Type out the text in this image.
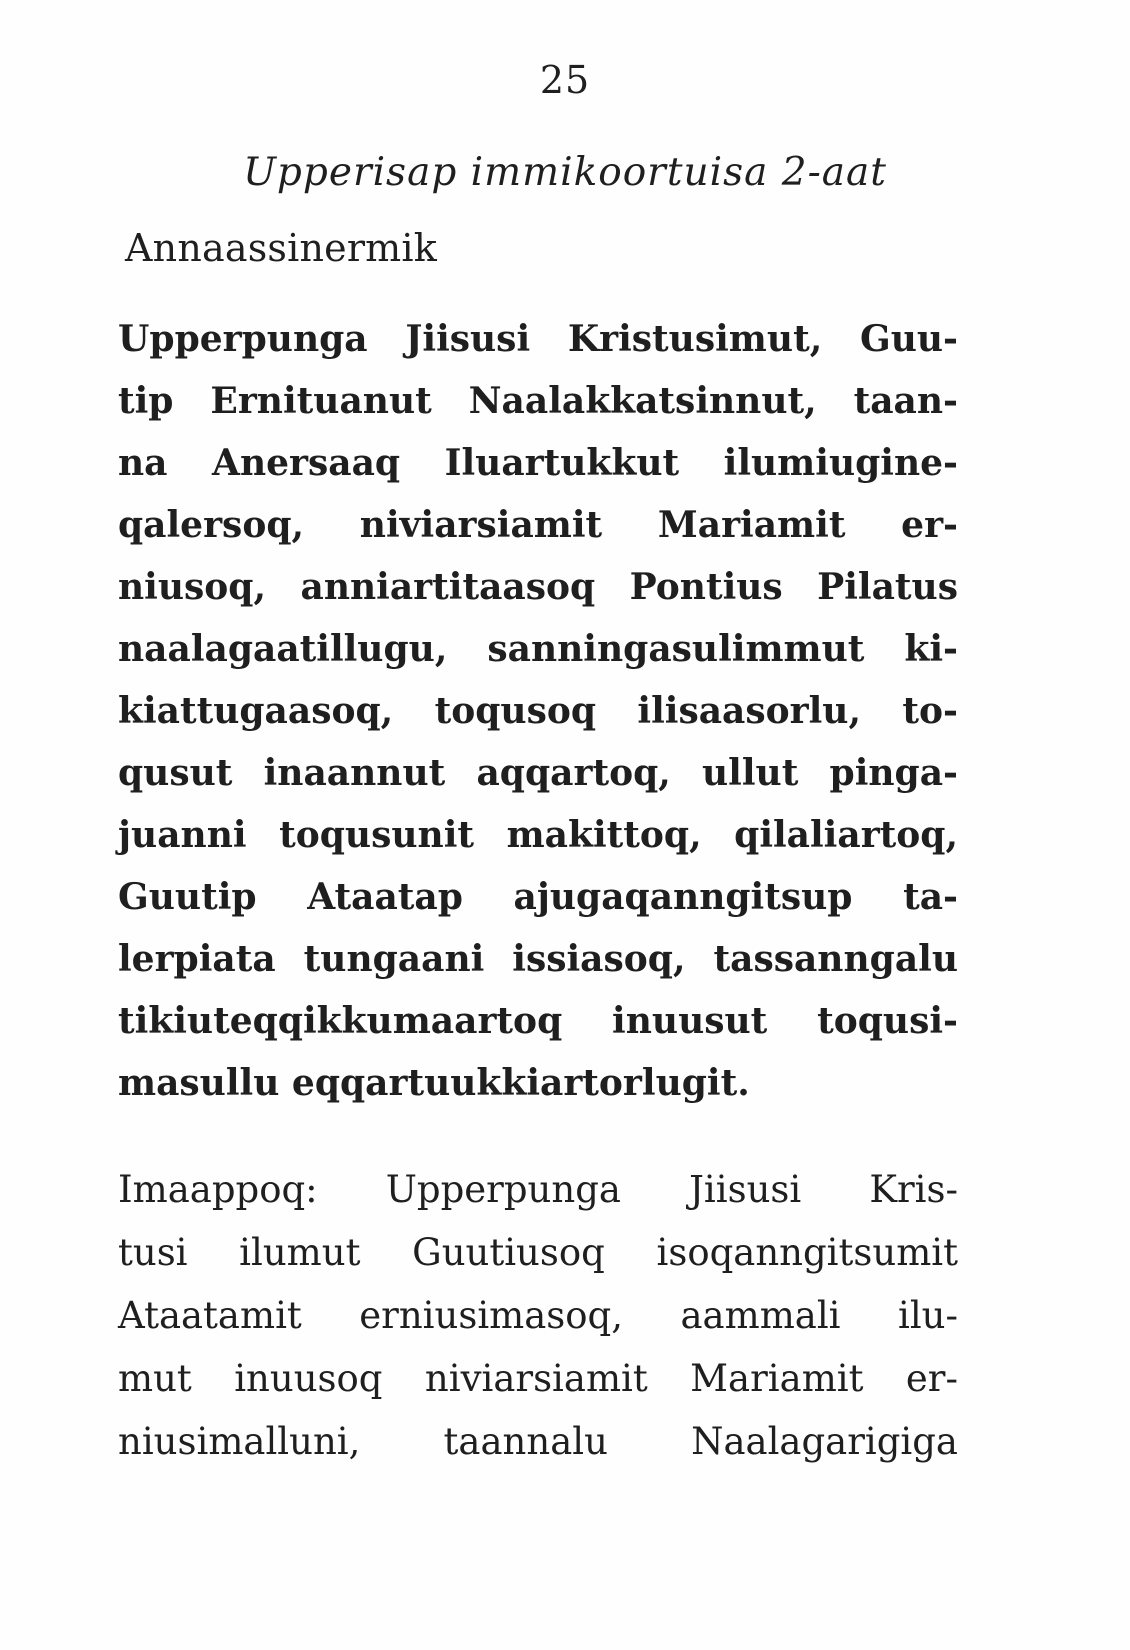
25
Upperisap immikoortuisa 2-aat
Annaassinermik
Upperpunga Jiisusi Kristusimut, Guu-
tip Ernituanut Naalakkatsinnut, taan-
na Anersaaq Iluartukkut ilumiugine-
qalersoq, niviarsiamit Mariamit er-
niusoq, anniartitaasoq Pontius Pilatus
naalagaatillugu, sanningasulimmut ki-
kiattugaasoq, toqusoq ilisaasorlu, to-
qusut inaannut aqqartoq, ullut pinga-
juanni toqusunit makittoq, qilaliartoq,
Guutip Ataatap ajugaqanngitsup ta-
lerpiata tungaani issiasoq, tassanngalu
tikiuteqqikkumaartoq inuusut toqusi-
masullu eqqartuukkiartorlugit.
Imaappoq: Upperpunga Jiisusi Kris-
tusi ilumut Guutiusoq isoqanngitsumit
Ataatamit erniusimasoq, aammali ilu-
mut inuusoq niviarsiamit Mariamit er-
niusimalluni, taannalu Naalagarigiga
